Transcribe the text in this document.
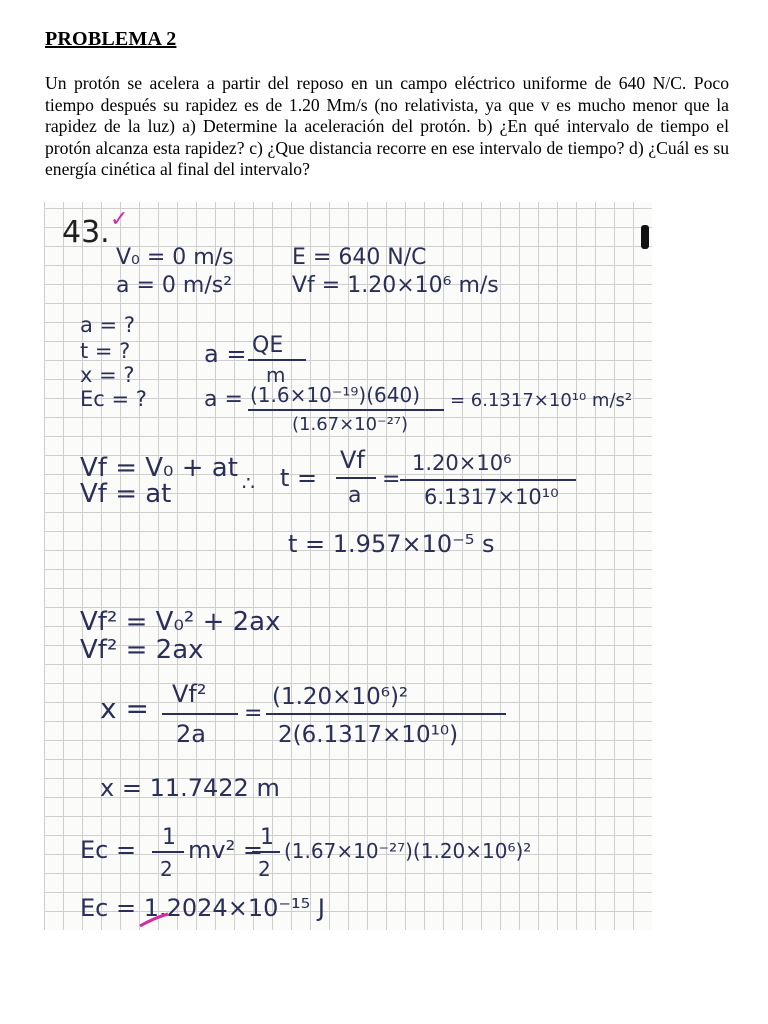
PROBLEMA 2
Un protón se acelera a partir del reposo en un campo eléctrico uniforme de 640 N/C. Poco tiempo después su rapidez es de 1.20 Mm/s (no relativista, ya que v es mucho menor que la rapidez de la luz) a) Determine la aceleración del protón. b) ¿En qué intervalo de tiempo el protón alcanza esta rapidez? c) ¿Que distancia recorre en ese intervalo de tiempo? d) ¿Cuál es su energía cinética al final del intervalo?
43. ✓
V₀ = 0 m/s
a = 0 m/s²
E = 640 N/C
Vf = 1.20×10⁶ m/s
a = ?
t = ?
x = ?
Ec = ?
a = QE
m
a = (1.6×10⁻¹⁹)(640)
(1.67×10⁻²⁷)
= 6.1317×10¹⁰ m/s²
Vf = V₀ + at
Vf = at	∴ t =
Vf
a
=
1.20×10⁶
6.1317×10¹⁰
t = 1.957×10⁻⁵ s
Vf² = V₀² + 2ax
Vf² = 2ax
x = Vf²
2a
=
(1.20×10⁶)²
2(6.1317×10¹⁰)
x = 11.7422 m
Ec = 1
2
mv² =
1
2
(1.67×10⁻²⁷)(1.20×10⁶)²
Ec = 1.2024×10⁻¹⁵ J
